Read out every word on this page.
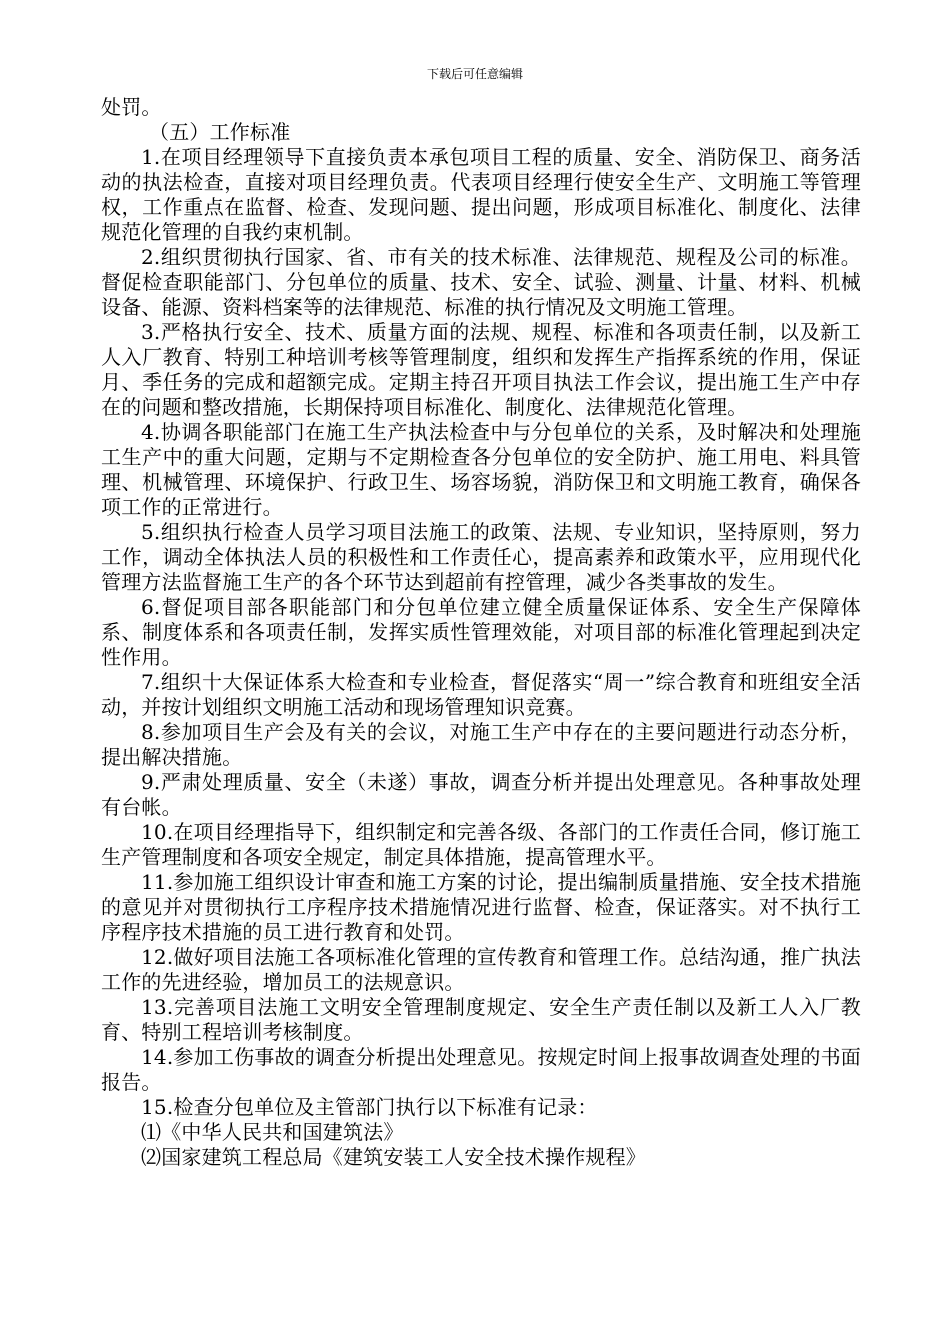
下载后可任意编辑

处罚。

（五）工作标准

1.在项目经理领导下直接负责本承包项目工程的质量、安全、消防保卫、商务活动的执法检查，直接对项目经理负责。代表项目经理行使安全生产、文明施工等管理权，工作重点在监督、检查、发现问题、提出问题，形成项目标准化、制度化、法律规范化管理的自我约束机制。

2.组织贯彻执行国家、省、市有关的技术标准、法律规范、规程及公司的标准。督促检查职能部门、分包单位的质量、技术、安全、试验、测量、计量、材料、机械设备、能源、资料档案等的法律规范、标准的执行情况及文明施工管理。

3.严格执行安全、技术、质量方面的法规、规程、标准和各项责任制，以及新工人入厂教育、特别工种培训考核等管理制度，组织和发挥生产指挥系统的作用，保证月、季任务的完成和超额完成。定期主持召开项目执法工作会议，提出施工生产中存在的问题和整改措施，长期保持项目标准化、制度化、法律规范化管理。

4.协调各职能部门在施工生产执法检查中与分包单位的关系，及时解决和处理施工生产中的重大问题，定期与不定期检查各分包单位的安全防护、施工用电、料具管理、机械管理、环境保护、行政卫生、场容场貌，消防保卫和文明施工教育，确保各项工作的正常进行。

5.组织执行检查人员学习项目法施工的政策、法规、专业知识，坚持原则，努力工作，调动全体执法人员的积极性和工作责任心，提高素养和政策水平，应用现代化管理方法监督施工生产的各个环节达到超前有控管理，减少各类事故的发生。

6.督促项目部各职能部门和分包单位建立健全质量保证体系、安全生产保障体系、制度体系和各项责任制，发挥实质性管理效能，对项目部的标准化管理起到决定性作用。

7.组织十大保证体系大检查和专业检查，督促落实“周一”综合教育和班组安全活动，并按计划组织文明施工活动和现场管理知识竞赛。

8.参加项目生产会及有关的会议，对施工生产中存在的主要问题进行动态分析，提出解决措施。

9.严肃处理质量、安全（未遂）事故，调查分析并提出处理意见。各种事故处理有台帐。

10.在项目经理指导下，组织制定和完善各级、各部门的工作责任合同，修订施工生产管理制度和各项安全规定，制定具体措施，提高管理水平。

11.参加施工组织设计审查和施工方案的讨论，提出编制质量措施、安全技术措施的意见并对贯彻执行工序程序技术措施情况进行监督、检查，保证落实。对不执行工序程序技术措施的员工进行教育和处罚。

12.做好项目法施工各项标准化管理的宣传教育和管理工作。总结沟通，推广执法工作的先进经验，增加员工的法规意识。

13.完善项目法施工文明安全管理制度规定、安全生产责任制以及新工人入厂教育、特别工程培训考核制度。

14.参加工伤事故的调查分析提出处理意见。按规定时间上报事故调查处理的书面报告。

15.检查分包单位及主管部门执行以下标准有记录：

⑴《中华人民共和国建筑法》

⑵国家建筑工程总局《建筑安装工人安全技术操作规程》
